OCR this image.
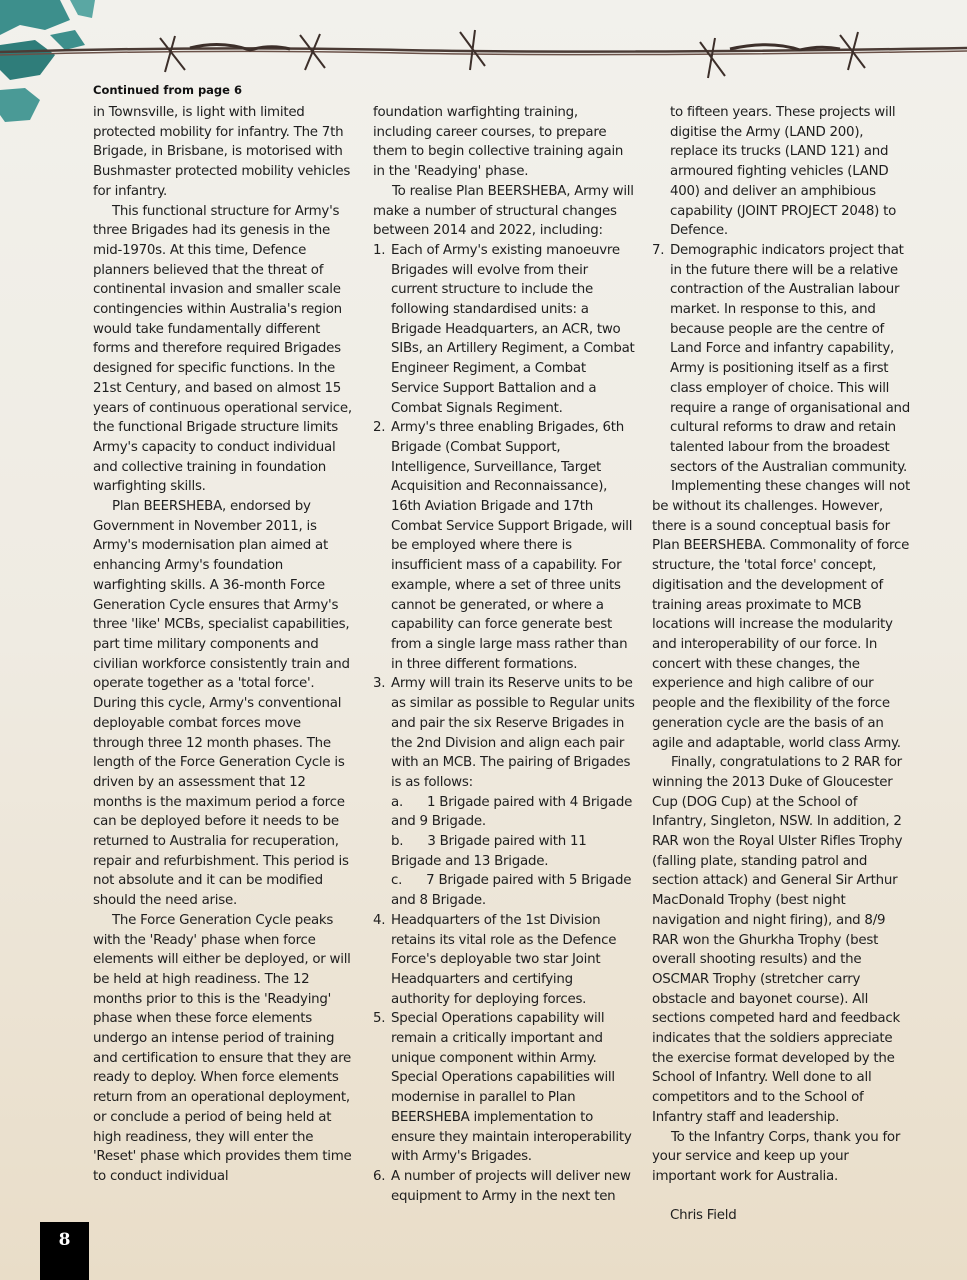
Continued from page 6

in Townsville, is light with limited protected mobility for infantry. The 7th Brigade, in Brisbane, is motorised with Bushmaster protected mobility vehicles for infantry.

This functional structure for Army's three Brigades had its genesis in the mid-1970s. At this time, Defence planners believed that the threat of continental invasion and smaller scale contingencies within Australia's region would take fundamentally different forms and therefore required Brigades designed for specific functions. In the 21st Century, and based on almost 15 years of continuous operational service, the functional Brigade structure limits Army's capacity to conduct individual and collective training in foundation warfighting skills.

Plan BEERSHEBA, endorsed by Government in November 2011, is Army's modernisation plan aimed at enhancing Army's foundation warfighting skills. A 36-month Force Generation Cycle ensures that Army's three 'like' MCBs, specialist capabilities, part time military components and civilian workforce consistently train and operate together as a 'total force'. During this cycle, Army's conventional deployable combat forces move through three 12 month phases. The length of the Force Generation Cycle is driven by an assessment that 12 months is the maximum period a force can be deployed before it needs to be returned to Australia for recuperation, repair and refurbishment. This period is not absolute and it can be modified should the need arise.

The Force Generation Cycle peaks with the 'Ready' phase when force elements will either be deployed, or will be held at high readiness. The 12 months prior to this is the 'Readying' phase when these force elements undergo an intense period of training and certification to ensure that they are ready to deploy. When force elements return from an operational deployment, or conclude a period of being held at high readiness, they will enter the 'Reset' phase which provides them time to conduct individual

foundation warfighting training, including career courses, to prepare them to begin collective training again in the 'Readying' phase.

To realise Plan BEERSHEBA, Army will make a number of structural changes between 2014 and 2022, including:

1. Each of Army's existing manoeuvre Brigades will evolve from their current structure to include the following standardised units: a Brigade Headquarters, an ACR, two SIBs, an Artillery Regiment, a Combat Engineer Regiment, a Combat Service Support Battalion and a Combat Signals Regiment.

2. Army's three enabling Brigades, 6th Brigade (Combat Support, Intelligence, Surveillance, Target Acquisition and Reconnaissance), 16th Aviation Brigade and 17th Combat Service Support Brigade, will be employed where there is insufficient mass of a capability. For example, where a set of three units cannot be generated, or where a capability can force generate best from a single large mass rather than in three different formations.

3. Army will train its Reserve units to be as similar as possible to Regular units and pair the six Reserve Brigades in the 2nd Division and align each pair with an MCB. The pairing of Brigades is as follows:

a. 1 Brigade paired with 4 Brigade and 9 Brigade.

b. 3 Brigade paired with 11 Brigade and 13 Brigade.

c. 7 Brigade paired with 5 Brigade and 8 Brigade.

4. Headquarters of the 1st Division retains its vital role as the Defence Force's deployable two star Joint Headquarters and certifying authority for deploying forces.

5. Special Operations capability will remain a critically important and unique component within Army. Special Operations capabilities will modernise in parallel to Plan BEERSHEBA implementation to ensure they maintain interoperability with Army's Brigades.

6. A number of projects will deliver new equipment to Army in the next ten

to fifteen years. These projects will digitise the Army (LAND 200), replace its trucks (LAND 121) and armoured fighting vehicles (LAND 400) and deliver an amphibious capability (JOINT PROJECT 2048) to Defence.

7. Demographic indicators project that in the future there will be a relative contraction of the Australian labour market. In response to this, and because people are the centre of Land Force and infantry capability, Army is positioning itself as a first class employer of choice. This will require a range of organisational and cultural reforms to draw and retain talented labour from the broadest sectors of the Australian community.

Implementing these changes will not be without its challenges. However, there is a sound conceptual basis for Plan BEERSHEBA. Commonality of force structure, the 'total force' concept, digitisation and the development of training areas proximate to MCB locations will increase the modularity and interoperability of our force. In concert with these changes, the experience and high calibre of our people and the flexibility of the force generation cycle are the basis of an agile and adaptable, world class Army.

Finally, congratulations to 2 RAR for winning the 2013 Duke of Gloucester Cup (DOG Cup) at the School of Infantry, Singleton, NSW. In addition, 2 RAR won the Royal Ulster Rifles Trophy (falling plate, standing patrol and section attack) and General Sir Arthur MacDonald Trophy (best night navigation and night firing), and 8/9 RAR won the Ghurkha Trophy (best overall shooting results) and the OSCMAR Trophy (stretcher carry obstacle and bayonet course). All sections competed hard and feedback indicates that the soldiers appreciate the exercise format developed by the School of Infantry. Well done to all competitors and to the School of Infantry staff and leadership.

To the Infantry Corps, thank you for your service and keep up your important work for Australia.

Chris Field

8
